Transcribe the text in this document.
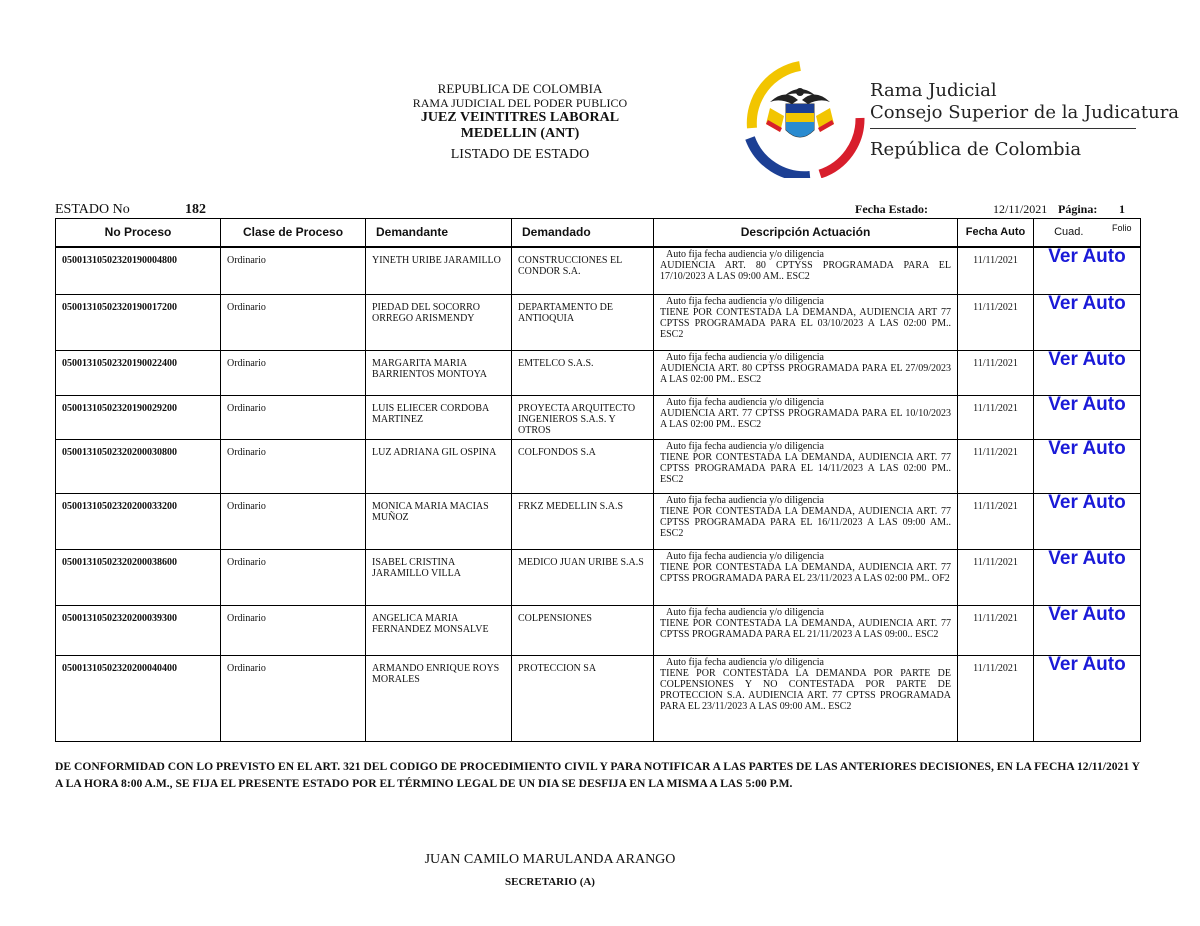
REPUBLICA DE COLOMBIA
RAMA JUDICIAL DEL PODER PUBLICO
JUEZ VEINTITRES LABORAL
MEDELLIN (ANT)
LISTADO DE ESTADO
Rama Judicial
Consejo Superior de la Judicatura
República de Colombia
ESTADO No	182	Fecha Estado:	12/11/2021 Página: 1
No Proceso	Clase de Proceso	Demandante	Demandado	Descripción Actuación	Fecha Auto	Cuad.	Folio
05001310502320190004800	Ordinario	YINETH URIBE JARAMILLO	CONSTRUCCIONES EL CONDOR S.A.	Auto fija fecha audiencia y/o diligencia
AUDIENCIA ART. 80 CPTYSS PROGRAMADA PARA EL 17/10/2023 A LAS 09:00 AM.. ESC2	11/11/2021	Ver Auto	
05001310502320190017200	Ordinario	PIEDAD DEL SOCORRO ORREGO ARISMENDY	DEPARTAMENTO DE ANTIOQUIA	Auto fija fecha audiencia y/o diligencia
TIENE POR CONTESTADA LA DEMANDA, AUDIENCIA ART 77 CPTSS PROGRAMADA PARA EL 03/10/2023 A LAS 02:00 PM.. ESC2	11/11/2021	Ver Auto	
05001310502320190022400	Ordinario	MARGARITA MARIA BARRIENTOS MONTOYA	EMTELCO S.A.S.	Auto fija fecha audiencia y/o diligencia
AUDIENCIA ART. 80 CPTSS PROGRAMADA PARA EL 27/09/2023 A LAS 02:00 PM.. ESC2	11/11/2021	Ver Auto	
05001310502320190029200	Ordinario	LUIS ELIECER CORDOBA MARTINEZ	PROYECTA ARQUITECTO INGENIEROS S.A.S. Y OTROS	Auto fija fecha audiencia y/o diligencia
AUDIENCIA ART. 77 CPTSS PROGRAMADA PARA EL 10/10/2023 A LAS 02:00 PM.. ESC2	11/11/2021	Ver Auto	
05001310502320200030800	Ordinario	LUZ ADRIANA GIL OSPINA	COLFONDOS S.A	Auto fija fecha audiencia y/o diligencia
TIENE POR CONTESTADA LA DEMANDA, AUDIENCIA ART. 77 CPTSS PROGRAMADA PARA EL 14/11/2023 A LAS 02:00 PM.. ESC2	11/11/2021	Ver Auto	
05001310502320200033200	Ordinario	MONICA MARIA MACIAS MUÑOZ	FRKZ MEDELLIN S.A.S	Auto fija fecha audiencia y/o diligencia
TIENE POR CONTESTADA LA DEMANDA, AUDIENCIA ART. 77 CPTSS PROGRAMADA PARA EL 16/11/2023 A LAS 09:00 AM.. ESC2	11/11/2021	Ver Auto	
05001310502320200038600	Ordinario	ISABEL CRISTINA JARAMILLO VILLA	MEDICO JUAN URIBE S.A.S	Auto fija fecha audiencia y/o diligencia
TIENE POR CONTESTADA LA DEMANDA, AUDIENCIA ART. 77 CPTSS PROGRAMADA PARA EL 23/11/2023 A LAS 02:00 PM.. OF2	11/11/2021	Ver Auto	
05001310502320200039300	Ordinario	ANGELICA MARIA FERNANDEZ MONSALVE	COLPENSIONES	Auto fija fecha audiencia y/o diligencia
TIENE POR CONTESTADA LA DEMANDA, AUDIENCIA ART. 77 CPTSS PROGRAMADA PARA EL 21/11/2023 A LAS 09:00.. ESC2	11/11/2021	Ver Auto	
05001310502320200040400	Ordinario	ARMANDO ENRIQUE ROYS MORALES	PROTECCION SA	Auto fija fecha audiencia y/o diligencia
TIENE POR CONTESTADA LA DEMANDA POR PARTE DE COLPENSIONES Y NO CONTESTADA POR PARTE DE PROTECCION S.A. AUDIENCIA ART. 77 CPTSS PROGRAMADA PARA EL 23/11/2023 A LAS 09:00 AM.. ESC2	11/11/2021	Ver Auto	
DE CONFORMIDAD CON LO PREVISTO EN EL ART. 321 DEL CODIGO DE PROCEDIMIENTO CIVIL Y PARA NOTIFICAR A LAS PARTES DE LAS ANTERIORES DECISIONES, EN LA FECHA 12/11/2021 Y A LA HORA 8:00 A.M., SE FIJA EL PRESENTE ESTADO POR EL TÉRMINO LEGAL DE UN DIA SE DESFIJA EN LA MISMA A LAS 5:00 P.M.
JUAN CAMILO MARULANDA ARANGO
SECRETARIO (A)
